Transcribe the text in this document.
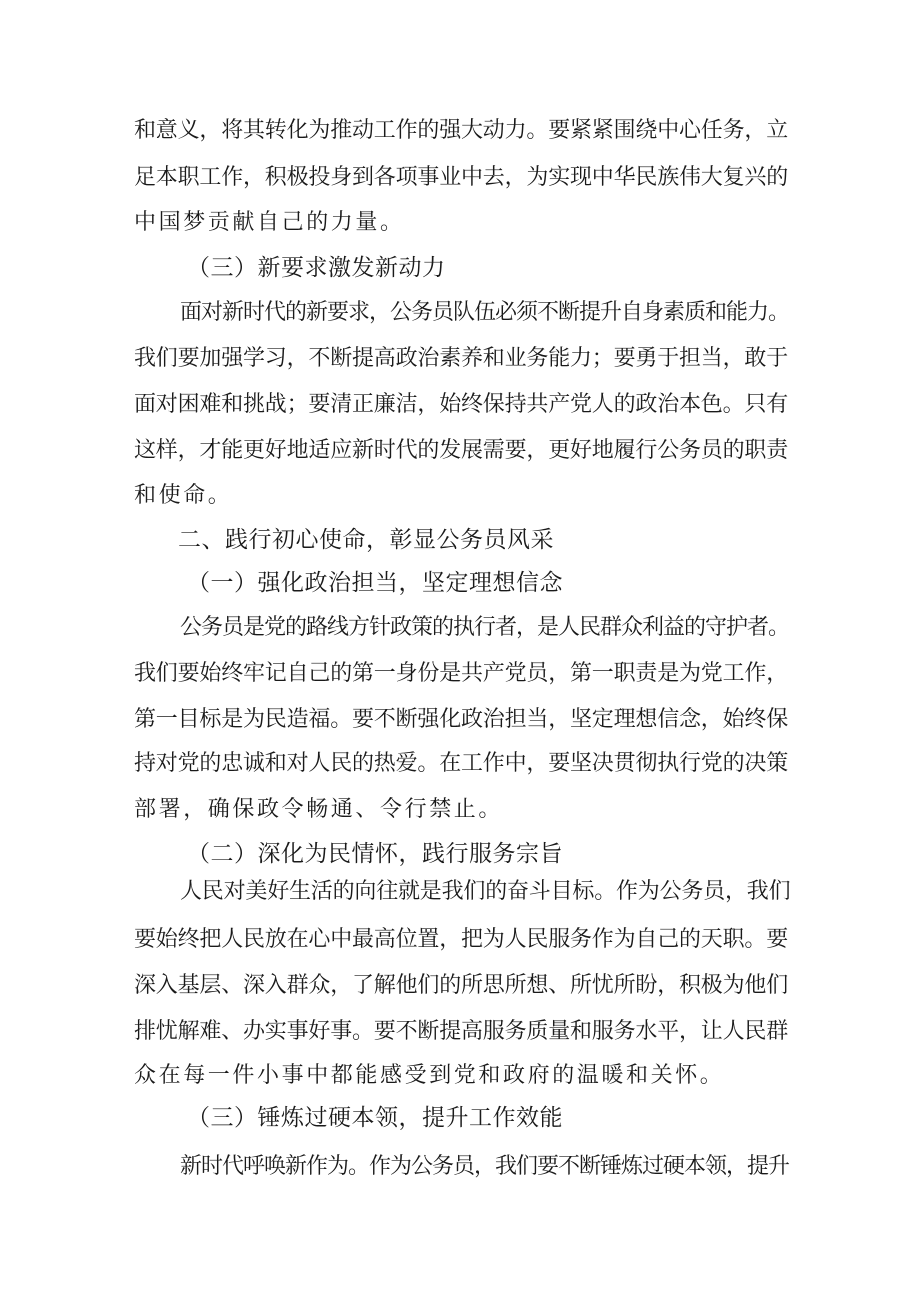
和意义，将其转化为推动工作的强大动力。要紧紧围绕中心任务，立
足本职工作，积极投身到各项事业中去，为实现中华民族伟大复兴的
中国梦贡献自己的力量。
（三）新要求激发新动力
面对新时代的新要求，公务员队伍必须不断提升自身素质和能力。
我们要加强学习，不断提高政治素养和业务能力；要勇于担当，敢于
面对困难和挑战；要清正廉洁，始终保持共产党人的政治本色。只有
这样，才能更好地适应新时代的发展需要，更好地履行公务员的职责
和使命。
二、践行初心使命，彰显公务员风采
（一）强化政治担当，坚定理想信念
公务员是党的路线方针政策的执行者，是人民群众利益的守护者。
我们要始终牢记自己的第一身份是共产党员，第一职责是为党工作，
第一目标是为民造福。要不断强化政治担当，坚定理想信念，始终保
持对党的忠诚和对人民的热爱。在工作中，要坚决贯彻执行党的决策
部署，确保政令畅通、令行禁止。
（二）深化为民情怀，践行服务宗旨
人民对美好生活的向往就是我们的奋斗目标。作为公务员，我们
要始终把人民放在心中最高位置，把为人民服务作为自己的天职。要
深入基层、深入群众，了解他们的所思所想、所忧所盼，积极为他们
排忧解难、办实事好事。要不断提高服务质量和服务水平，让人民群
众在每一件小事中都能感受到党和政府的温暖和关怀。
（三）锤炼过硬本领，提升工作效能
新时代呼唤新作为。作为公务员，我们要不断锤炼过硬本领，提升
